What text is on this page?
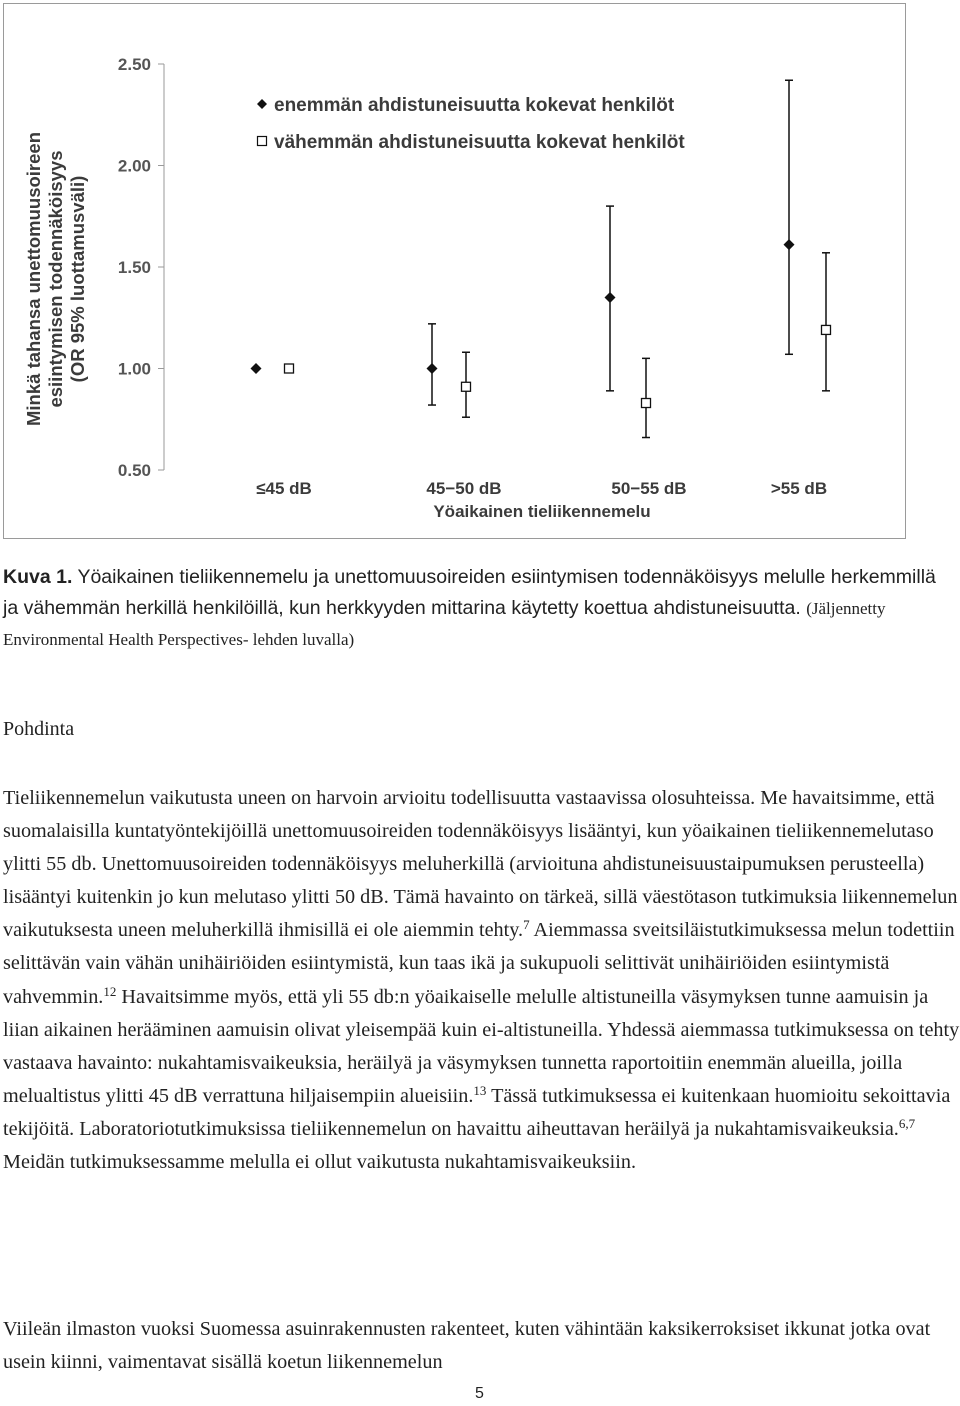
0.50
1.00
1.50
2.00
2.50
≤45 dB	45−50 dB	50−55 dB	>55 dB
Yöaikainen tieliikennemelu
enemmän ahdistuneisuutta kokevat henkilöt
vähemmän ahdistuneisuutta kokevat henkilöt
Minkä tahansa unettomuusoireen esiintymisen todennäköisyys (OR 95% luottamusväli)
Kuva 1. Yöaikainen tieliikennemelu ja unettomuusoireiden esiintymisen todennäköisyys melulle herkemmillä ja vähemmän herkillä henkilöillä, kun herkkyyden mittarina käytetty koettua ahdistuneisuutta. (Jäljennetty Environmental Health Perspectives- lehden luvalla)
Pohdinta
Tieliikennemelun vaikutusta uneen on harvoin arvioitu todellisuutta vastaavissa olosuhteissa. Me havaitsimme, että suomalaisilla kuntatyöntekijöillä unettomuusoireiden todennäköisyys lisääntyi, kun yöaikainen tieliikennemelutaso ylitti 55 db. Unettomuusoireiden todennäköisyys meluherkillä (arvioituna ahdistuneisuustaipumuksen perusteella) lisääntyi kuitenkin jo kun melutaso ylitti 50 dB. Tämä havainto on tärkeä, sillä väestötason tutkimuksia liikennemelun vaikutuksesta uneen meluherkillä ihmisillä ei ole aiemmin tehty.$^7$ Aiemmassa sveitsiläistutkimuksessa melun todettiin selittävän vain vähän unihäiriöiden esiintymistä, kun taas ikä ja sukupuoli selittivät unihäiriöiden esiintymistä vahvemmin.$^{12}$ Havaitsimme myös, että yli 55 db:n yöaikaiselle melulle altistuneilla väsymyksen tunne aamuisin ja liian aikainen herääminen aamuisin olivat yleisempää kuin ei-altistuneilla. Yhdessä aiemmassa tutkimuksessa on tehty vastaava havainto: nukahtamisvaikeuksia, heräilyä ja väsymyksen tunnetta raportoitiin enemmän alueilla, joilla melualtistus ylitti 45 dB verrattuna hiljaisempiin alueisiin.$^{13}$ Tässä tutkimuksessa ei kuitenkaan huomioitu sekoittavia tekijöitä. Laboratoriotutkimuksissa tieliikennemelun on havaittu aiheuttavan heräilyä ja nukahtamisvaikeuksia.$^{6,7}$ Meidän tutkimuksessamme melulla ei ollut vaikutusta nukahtamisvaikeuksiin.
Viileän ilmaston vuoksi Suomessa asuinrakennusten rakenteet, kuten vähintään kaksikerroksiset ikkunat jotka ovat usein kiinni, vaimentavat sisällä koetun liikennemelun
5
